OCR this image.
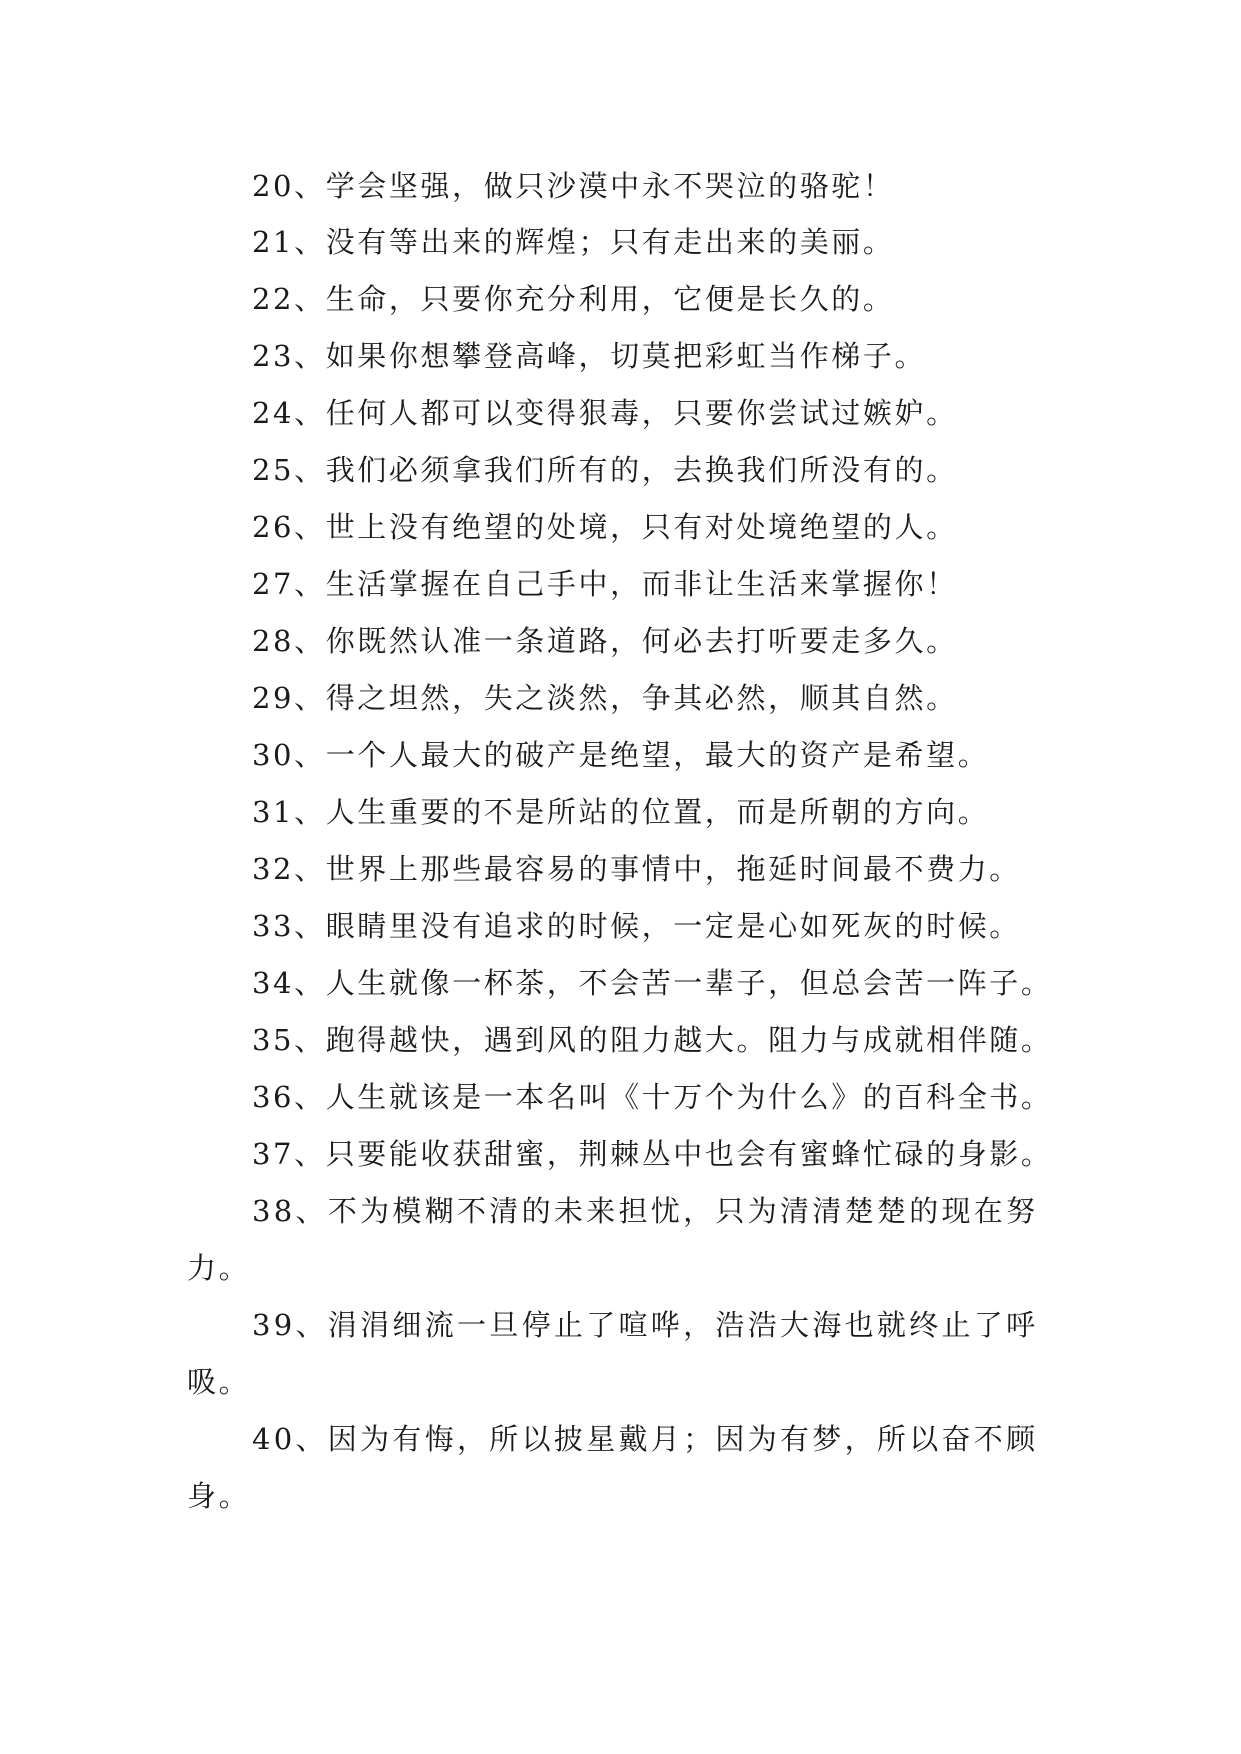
20、学会坚强，做只沙漠中永不哭泣的骆驼！
21、没有等出来的辉煌；只有走出来的美丽。
22、生命，只要你充分利用，它便是长久的。
23、如果你想攀登高峰，切莫把彩虹当作梯子。
24、任何人都可以变得狠毒，只要你尝试过嫉妒。
25、我们必须拿我们所有的，去换我们所没有的。
26、世上没有绝望的处境，只有对处境绝望的人。
27、生活掌握在自己手中，而非让生活来掌握你！
28、你既然认准一条道路，何必去打听要走多久。
29、得之坦然，失之淡然，争其必然，顺其自然。
30、一个人最大的破产是绝望，最大的资产是希望。
31、人生重要的不是所站的位置，而是所朝的方向。
32、世界上那些最容易的事情中，拖延时间最不费力。
33、眼睛里没有追求的时候，一定是心如死灰的时候。
34、人生就像一杯茶，不会苦一辈子，但总会苦一阵子。
35、跑得越快，遇到风的阻力越大。阻力与成就相伴随。
36、人生就该是一本名叫《十万个为什么》的百科全书。
37、只要能收获甜蜜，荆棘丛中也会有蜜蜂忙碌的身影。
38、不为模糊不清的未来担忧，只为清清楚楚的现在努
力。
39、涓涓细流一旦停止了喧哗，浩浩大海也就终止了呼
吸。
40、因为有悔，所以披星戴月；因为有梦，所以奋不顾
身。
